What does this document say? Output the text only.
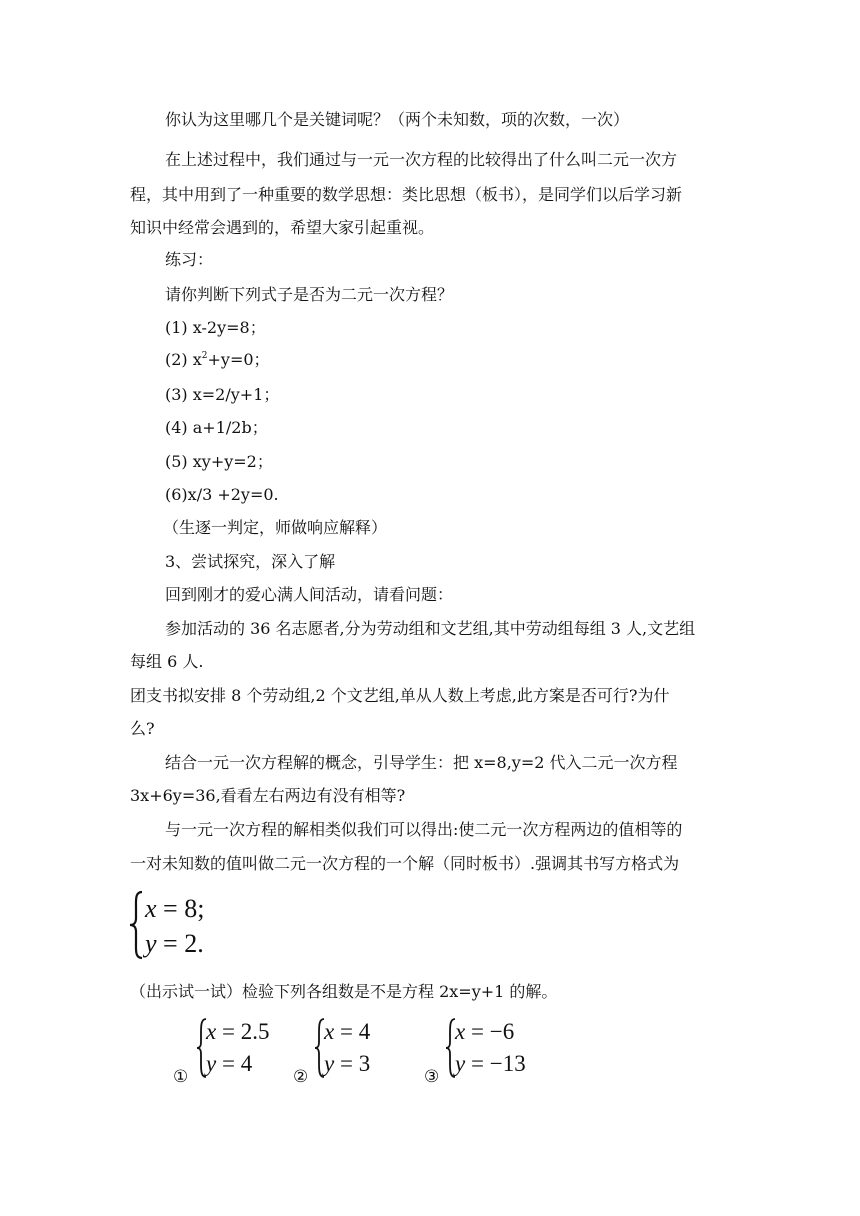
你认为这里哪几个是关键词呢？（两个未知数，项的次数，一次）
在上述过程中，我们通过与一元一次方程的比较得出了什么叫二元一次方
程，其中用到了一种重要的数学思想：类比思想（板书），是同学们以后学习新
知识中经常会遇到的，希望大家引起重视。
练习：
请你判断下列式子是否为二元一次方程？
(1) x-2y=8；
(2) $x^2+y=0$；
(3) x=2/y+1；
(4) a+1/2b；
(5) xy+y=2；
(6)x/3 +2y=0.
（生逐一判定，师做响应解释）
3、尝试探究，深入了解
回到刚才的爱心满人间活动，请看问题：
参加活动的 36 名志愿者,分为劳动组和文艺组,其中劳动组每组 3 人,文艺组
每组 6 人.
团支书拟安排 8 个劳动组,2 个文艺组,单从人数上考虑,此方案是否可行?为什
么?
结合一元一次方程解的概念，引导学生：把 x=8,y=2 代入二元一次方程
3x+6y=36,看看左右两边有没有相等?
与一元一次方程的解相类似我们可以得出:使二元一次方程两边的值相等的
一对未知数的值叫做二元一次方程的一个解（同时板书）.强调其书写方格式为
x = 8;
y = 2.
（出示试一试）检验下列各组数是不是方程 2x=y+1 的解。
①
x = 2.5
y = 4
②
x = 4
y = 3
③
x = −6
y = −13
